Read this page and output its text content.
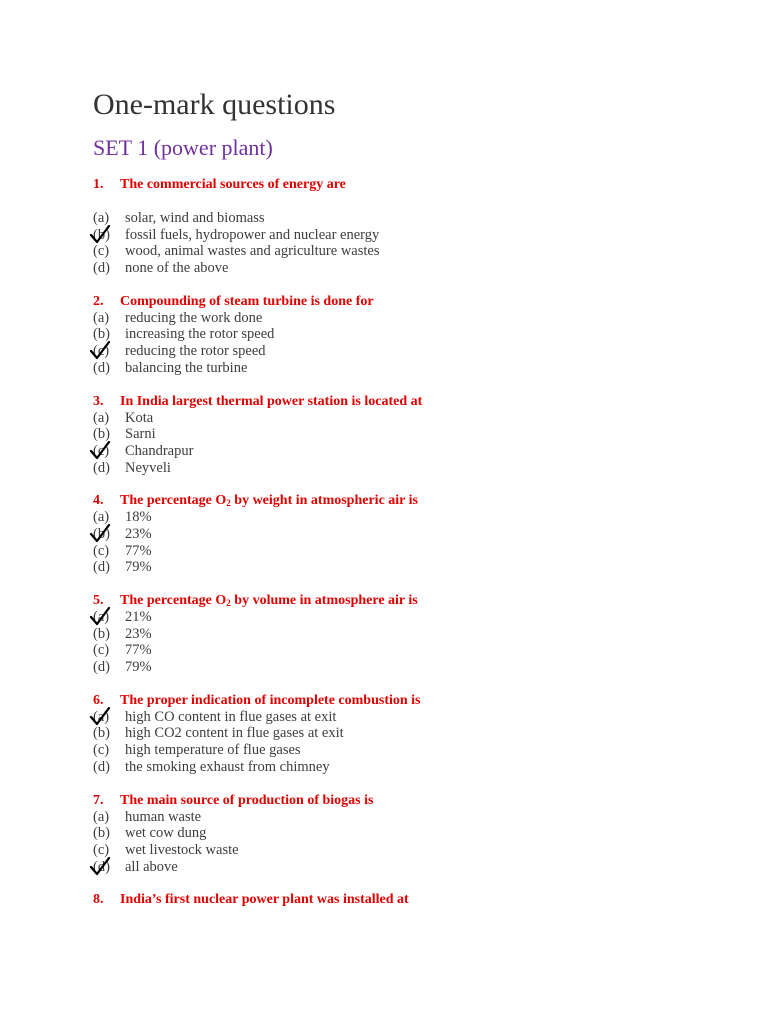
One-mark questions
SET 1 (power plant)
1. The commercial sources of energy are
(a)solar, wind and biomass
(b)fossil fuels, hydropower and nuclear energy
(c) wood, animal wastes and agriculture wastes
(d) none of the above
2. Compounding of steam turbine is done for
(a) reducing the work done
(b) increasing the rotor speed
(c) reducing the rotor speed
(d) balancing the turbine
3. In India largest thermal power station is located at
(a) Kota
(b) Sarni
(c) Chandrapur
(d) Neyveli
4. The percentage $O_2$ by weight in atmospheric air is
(a) 18%
(b) 23%
(c) 77%
(d) 79%
5. The percentage $O_2$ by volume in atmosphere air is
(a) 21%
(b) 23%
(c) 77%
(d) 79%
6. The proper indication of incomplete combustion is
(a) high CO content in flue gases at exit
(b) high CO2 content in flue gases at exit
(c) high temperature of flue gases
(d) the smoking exhaust from chimney
7. The main source of production of biogas is
(a) human waste
(b) wet cow dung
(c) wet livestock waste
(d) all above
8. India’s first nuclear power plant was installed at
